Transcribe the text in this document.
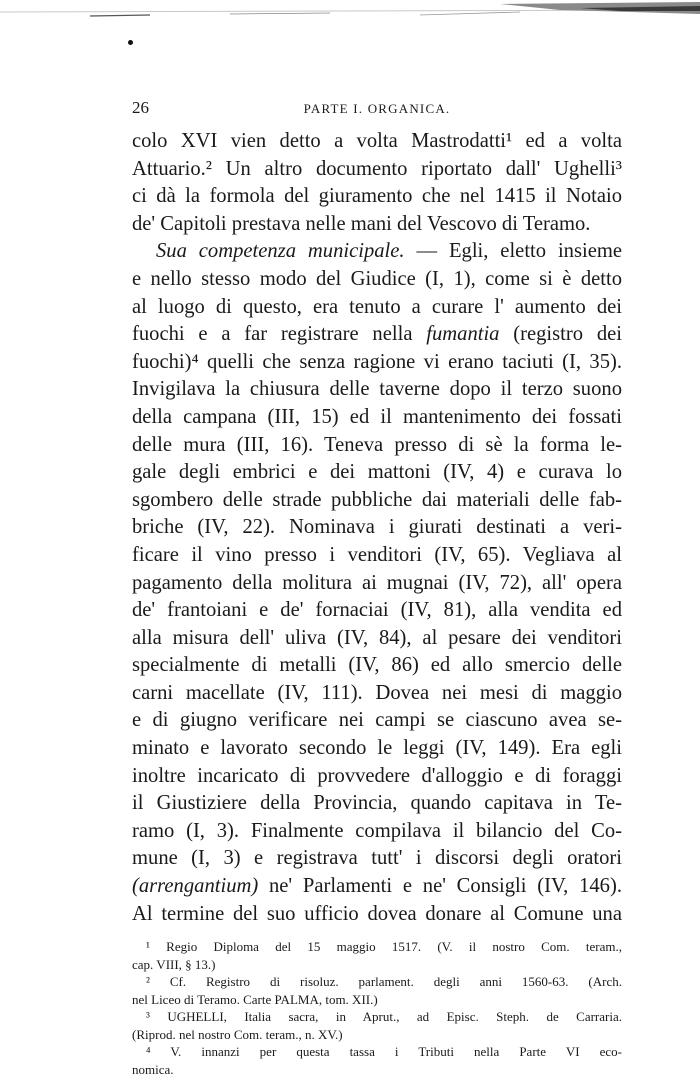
26	PARTE I. ORGANICA.
colo XVI vien detto a volta Mastrodatti¹ ed a volta
Attuario.² Un altro documento riportato dall' Ughelli³
ci dà la formola del giuramento che nel 1415 il Notaio
de' Capitoli prestava nelle mani del Vescovo di Teramo.
Sua competenza municipale. — Egli, eletto insieme
e nello stesso modo del Giudice (I, 1), come si è detto
al luogo di questo, era tenuto a curare l' aumento dei
fuochi e a far registrare nella fumantia (registro dei
fuochi)⁴ quelli che senza ragione vi erano taciuti (I, 35).
Invigilava la chiusura delle taverne dopo il terzo suono
della campana (III, 15) ed il mantenimento dei fossati
delle mura (III, 16). Teneva presso di sè la forma le-
gale degli embrici e dei mattoni (IV, 4) e curava lo
sgombero delle strade pubbliche dai materiali delle fab-
briche (IV, 22). Nominava i giurati destinati a veri-
ficare il vino presso i venditori (IV, 65). Vegliava al
pagamento della molitura ai mugnai (IV, 72), all' opera
de' frantoiani e de' fornaciai (IV, 81), alla vendita ed
alla misura dell' uliva (IV, 84), al pesare dei venditori
specialmente di metalli (IV, 86) ed allo smercio delle
carni macellate (IV, 111). Dovea nei mesi di maggio
e di giugno verificare nei campi se ciascuno avea se-
minato e lavorato secondo le leggi (IV, 149). Era egli
inoltre incaricato di provvedere d'alloggio e di foraggi
il Giustiziere della Provincia, quando capitava in Te-
ramo (I, 3). Finalmente compilava il bilancio del Co-
mune (I, 3) e registrava tutt' i discorsi degli oratori
(arrengantium) ne' Parlamenti e ne' Consigli (IV, 146).
Al termine del suo ufficio dovea donare al Comune una
¹ Regio Diploma del 15 maggio 1517. (V. il nostro Com. teram.,
cap. VIII, § 13.)
² Cf. Registro di risoluz. parlament. degli anni 1560-63. (Arch.
nel Liceo di Teramo. Carte PALMA, tom. XII.)
³ UGHELLI, Italia sacra, in Aprut., ad Episc. Steph. de Carraria.
(Riprod. nel nostro Com. teram., n. XV.)
⁴ V. innanzi per questa tassa i Tributi nella Parte VI eco-
nomica.
